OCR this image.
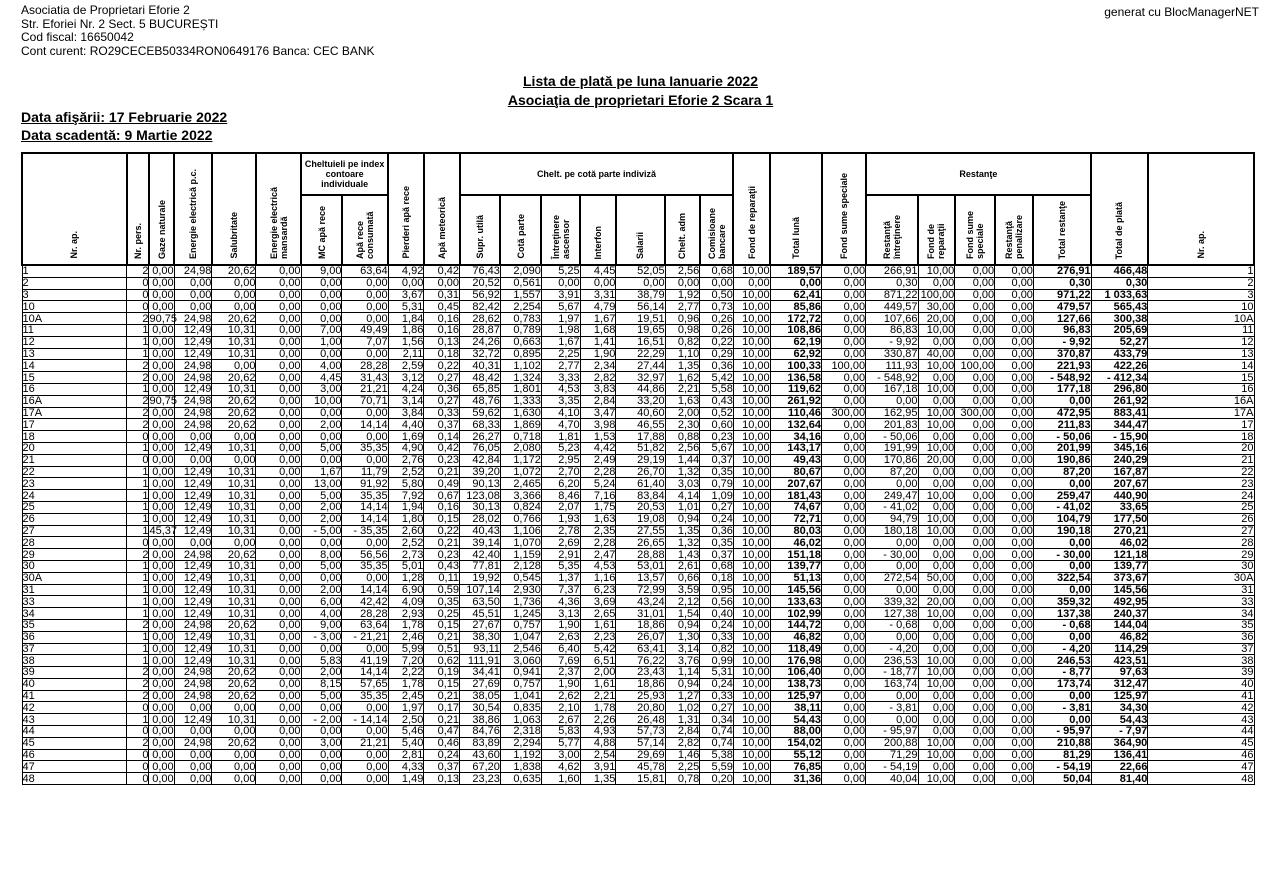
Asociatia de Proprietari Eforie 2
Str. Eforiei Nr. 2 Sect. 5 BUCUREȘTI
Cod fiscal: 16650042
Cont curent: RO29CECEB50334RON0649176 Banca: CEC BANK
generat cu BlocManagerNET
Lista de plată pe luna Ianuarie 2022
Asociaţia de proprietari Eforie 2 Scara 1
Data afişării: 17 Februarie 2022
Data scadentă: 9 Martie 2022
Nr. ap.	Nr. pers.	Gaze naturale	Energie electrică p.c.	Salubritate	Energie electrică mansardă	Cheltuieli pe index contoare individuale		Pierderi apă rece	Apă meteorică	Chelt. pe cotă parte indiviză							Fond de reparaţii	Total lună	Fond sume speciale	Restanţe					Total de plată	Nr. ap.
						MC apă rece	Apă rece consumată			Supr. utilă	Cotă parte	Întreţinere ascensor	Interfon	Salarii	Chelt. adm	Comisioane bancare				Restanţă întreţinere	Fond de reparaţii	Fond sume speciale	Restanţă penalizare	Total restanţe		
1	2	0,00	24,98	20,62	0,00	9,00	63,64	4,92	0,42	76,43	2,090	5,25	4,45	52,05	2,56	0,68	10,00	189,57	0,00	266,91	10,00	0,00	0,00	276,91	466,48	1
2	0	0,00	0,00	0,00	0,00	0,00	0,00	0,00	0,00	20,52	0,561	0,00	0,00	0,00	0,00	0,00	0,00	0,00	0,00	0,30	0,00	0,00	0,00	0,30	0,30	2
3	0	0,00	0,00	0,00	0,00	0,00	0,00	3,67	0,31	56,92	1,557	3,91	3,31	38,79	1,92	0,50	10,00	62,41	0,00	871,22	100,00	0,00	0,00	971,22	1 033,63	3
10	0	0,00	0,00	0,00	0,00	0,00	0,00	5,31	0,45	82,42	2,254	5,67	4,79	56,14	2,77	0,73	10,00	85,86	0,00	449,57	30,00	0,00	0,00	479,57	565,43	10
10A	2	90,75	24,98	20,62	0,00	0,00	0,00	1,84	0,16	28,62	0,783	1,97	1,67	19,51	0,96	0,26	10,00	172,72	0,00	107,66	20,00	0,00	0,00	127,66	300,38	10A
11	1	0,00	12,49	10,31	0,00	7,00	49,49	1,86	0,16	28,87	0,789	1,98	1,68	19,65	0,98	0,26	10,00	108,86	0,00	86,83	10,00	0,00	0,00	96,83	205,69	11
12	1	0,00	12,49	10,31	0,00	1,00	7,07	1,56	0,13	24,26	0,663	1,67	1,41	16,51	0,82	0,22	10,00	62,19	0,00	- 9,92	0,00	0,00	0,00	- 9,92	52,27	12
13	1	0,00	12,49	10,31	0,00	0,00	0,00	2,11	0,18	32,72	0,895	2,25	1,90	22,29	1,10	0,29	10,00	62,92	0,00	330,87	40,00	0,00	0,00	370,87	433,79	13
14	2	0,00	24,98	0,00	0,00	4,00	28,28	2,59	0,22	40,31	1,102	2,77	2,34	27,44	1,35	0,36	10,00	100,33	100,00	111,93	10,00	100,00	0,00	221,93	422,26	14
15	2	0,00	24,98	20,62	0,00	4,45	31,43	3,12	0,27	48,42	1,324	3,33	2,82	32,97	1,62	5,42	10,00	136,58	0,00	- 548,92	0,00	0,00	0,00	- 548,92	- 412,34	15
16	1	0,00	12,49	10,31	0,00	3,00	21,21	4,24	0,36	65,85	1,801	4,53	3,83	44,86	2,21	5,58	10,00	119,62	0,00	167,18	10,00	0,00	0,00	177,18	296,80	16
16A	2	90,75	24,98	20,62	0,00	10,00	70,71	3,14	0,27	48,76	1,333	3,35	2,84	33,20	1,63	0,43	10,00	261,92	0,00	0,00	0,00	0,00	0,00	0,00	261,92	16A
17A	2	0,00	24,98	20,62	0,00	0,00	0,00	3,84	0,33	59,62	1,630	4,10	3,47	40,60	2,00	0,52	10,00	110,46	300,00	162,95	10,00	300,00	0,00	472,95	883,41	17A
17	2	0,00	24,98	20,62	0,00	2,00	14,14	4,40	0,37	68,33	1,869	4,70	3,98	46,55	2,30	0,60	10,00	132,64	0,00	201,83	10,00	0,00	0,00	211,83	344,47	17
18	0	0,00	0,00	0,00	0,00	0,00	0,00	1,69	0,14	26,27	0,718	1,81	1,53	17,88	0,88	0,23	10,00	34,16	0,00	- 50,06	0,00	0,00	0,00	- 50,06	- 15,90	18
20	1	0,00	12,49	10,31	0,00	5,00	35,35	4,90	0,42	76,05	2,080	5,23	4,42	51,82	2,56	5,67	10,00	143,17	0,00	191,99	10,00	0,00	0,00	201,99	345,16	20
21	0	0,00	0,00	0,00	0,00	0,00	0,00	2,76	0,23	42,84	1,172	2,95	2,49	29,19	1,44	0,37	10,00	49,43	0,00	170,86	20,00	0,00	0,00	190,86	240,29	21
22	1	0,00	12,49	10,31	0,00	1,67	11,79	2,52	0,21	39,20	1,072	2,70	2,28	26,70	1,32	0,35	10,00	80,67	0,00	87,20	0,00	0,00	0,00	87,20	167,87	22
23	1	0,00	12,49	10,31	0,00	13,00	91,92	5,80	0,49	90,13	2,465	6,20	5,24	61,40	3,03	0,79	10,00	207,67	0,00	0,00	0,00	0,00	0,00	0,00	207,67	23
24	1	0,00	12,49	10,31	0,00	5,00	35,35	7,92	0,67	123,08	3,366	8,46	7,16	83,84	4,14	1,09	10,00	181,43	0,00	249,47	10,00	0,00	0,00	259,47	440,90	24
25	1	0,00	12,49	10,31	0,00	2,00	14,14	1,94	0,16	30,13	0,824	2,07	1,75	20,53	1,01	0,27	10,00	74,67	0,00	- 41,02	0,00	0,00	0,00	- 41,02	33,65	25
26	1	0,00	12,49	10,31	0,00	2,00	14,14	1,80	0,15	28,02	0,766	1,93	1,63	19,08	0,94	0,24	10,00	72,71	0,00	94,79	10,00	0,00	0,00	104,79	177,50	26
27	1	45,37	12,49	10,31	0,00	- 5,00	- 35,35	2,60	0,22	40,43	1,106	2,78	2,35	27,55	1,35	0,36	10,00	80,03	0,00	180,18	10,00	0,00	0,00	190,18	270,21	27
28	0	0,00	0,00	0,00	0,00	0,00	0,00	2,52	0,21	39,14	1,070	2,69	2,28	26,65	1,32	0,35	10,00	46,02	0,00	0,00	0,00	0,00	0,00	0,00	46,02	28
29	2	0,00	24,98	20,62	0,00	8,00	56,56	2,73	0,23	42,40	1,159	2,91	2,47	28,88	1,43	0,37	10,00	151,18	0,00	- 30,00	0,00	0,00	0,00	- 30,00	121,18	29
30	1	0,00	12,49	10,31	0,00	5,00	35,35	5,01	0,43	77,81	2,128	5,35	4,53	53,01	2,61	0,68	10,00	139,77	0,00	0,00	0,00	0,00	0,00	0,00	139,77	30
30A	1	0,00	12,49	10,31	0,00	0,00	0,00	1,28	0,11	19,92	0,545	1,37	1,16	13,57	0,66	0,18	10,00	51,13	0,00	272,54	50,00	0,00	0,00	322,54	373,67	30A
31	1	0,00	12,49	10,31	0,00	2,00	14,14	6,90	0,59	107,14	2,930	7,37	6,23	72,99	3,59	0,95	10,00	145,56	0,00	0,00	0,00	0,00	0,00	0,00	145,56	31
33	1	0,00	12,49	10,31	0,00	6,00	42,42	4,09	0,35	63,50	1,736	4,36	3,69	43,24	2,12	0,56	10,00	133,63	0,00	339,32	20,00	0,00	0,00	359,32	492,95	33
34	1	0,00	12,49	10,31	0,00	4,00	28,28	2,93	0,25	45,51	1,245	3,13	2,65	31,01	1,54	0,40	10,00	102,99	0,00	127,38	10,00	0,00	0,00	137,38	240,37	34
35	2	0,00	24,98	20,62	0,00	9,00	63,64	1,78	0,15	27,67	0,757	1,90	1,61	18,86	0,94	0,24	10,00	144,72	0,00	- 0,68	0,00	0,00	0,00	- 0,68	144,04	35
36	1	0,00	12,49	10,31	0,00	- 3,00	- 21,21	2,46	0,21	38,30	1,047	2,63	2,23	26,07	1,30	0,33	10,00	46,82	0,00	0,00	0,00	0,00	0,00	0,00	46,82	36
37	1	0,00	12,49	10,31	0,00	0,00	0,00	5,99	0,51	93,11	2,546	6,40	5,42	63,41	3,14	0,82	10,00	118,49	0,00	- 4,20	0,00	0,00	0,00	- 4,20	114,29	37
38	1	0,00	12,49	10,31	0,00	5,83	41,19	7,20	0,62	111,91	3,060	7,69	6,51	76,22	3,76	0,99	10,00	176,98	0,00	236,53	10,00	0,00	0,00	246,53	423,51	38
39	2	0,00	24,98	20,62	0,00	2,00	14,14	2,22	0,19	34,41	0,941	2,37	2,00	23,43	1,14	5,31	10,00	106,40	0,00	- 18,77	10,00	0,00	0,00	- 8,77	97,63	39
40	2	0,00	24,98	20,62	0,00	8,15	57,65	1,78	0,15	27,69	0,757	1,90	1,61	18,86	0,94	0,24	10,00	138,73	0,00	163,74	10,00	0,00	0,00	173,74	312,47	40
41	2	0,00	24,98	20,62	0,00	5,00	35,35	2,45	0,21	38,05	1,041	2,62	2,21	25,93	1,27	0,33	10,00	125,97	0,00	0,00	0,00	0,00	0,00	0,00	125,97	41
42	0	0,00	0,00	0,00	0,00	0,00	0,00	1,97	0,17	30,54	0,835	2,10	1,78	20,80	1,02	0,27	10,00	38,11	0,00	- 3,81	0,00	0,00	0,00	- 3,81	34,30	42
43	1	0,00	12,49	10,31	0,00	- 2,00	- 14,14	2,50	0,21	38,86	1,063	2,67	2,26	26,48	1,31	0,34	10,00	54,43	0,00	0,00	0,00	0,00	0,00	0,00	54,43	43
44	0	0,00	0,00	0,00	0,00	0,00	0,00	5,46	0,47	84,76	2,318	5,83	4,93	57,73	2,84	0,74	10,00	88,00	0,00	- 95,97	0,00	0,00	0,00	- 95,97	- 7,97	44
45	2	0,00	24,98	20,62	0,00	3,00	21,21	5,40	0,46	83,89	2,294	5,77	4,88	57,14	2,82	0,74	10,00	154,02	0,00	200,88	10,00	0,00	0,00	210,88	364,90	45
46	0	0,00	0,00	0,00	0,00	0,00	0,00	2,81	0,24	43,60	1,192	3,00	2,54	29,69	1,46	5,38	10,00	55,12	0,00	71,29	10,00	0,00	0,00	81,29	136,41	46
47	0	0,00	0,00	0,00	0,00	0,00	0,00	4,33	0,37	67,20	1,838	4,62	3,91	45,78	2,25	5,59	10,00	76,85	0,00	- 54,19	0,00	0,00	0,00	- 54,19	22,66	47
48	0	0,00	0,00	0,00	0,00	0,00	0,00	1,49	0,13	23,23	0,635	1,60	1,35	15,81	0,78	0,20	10,00	31,36	0,00	40,04	10,00	0,00	0,00	50,04	81,40	48
